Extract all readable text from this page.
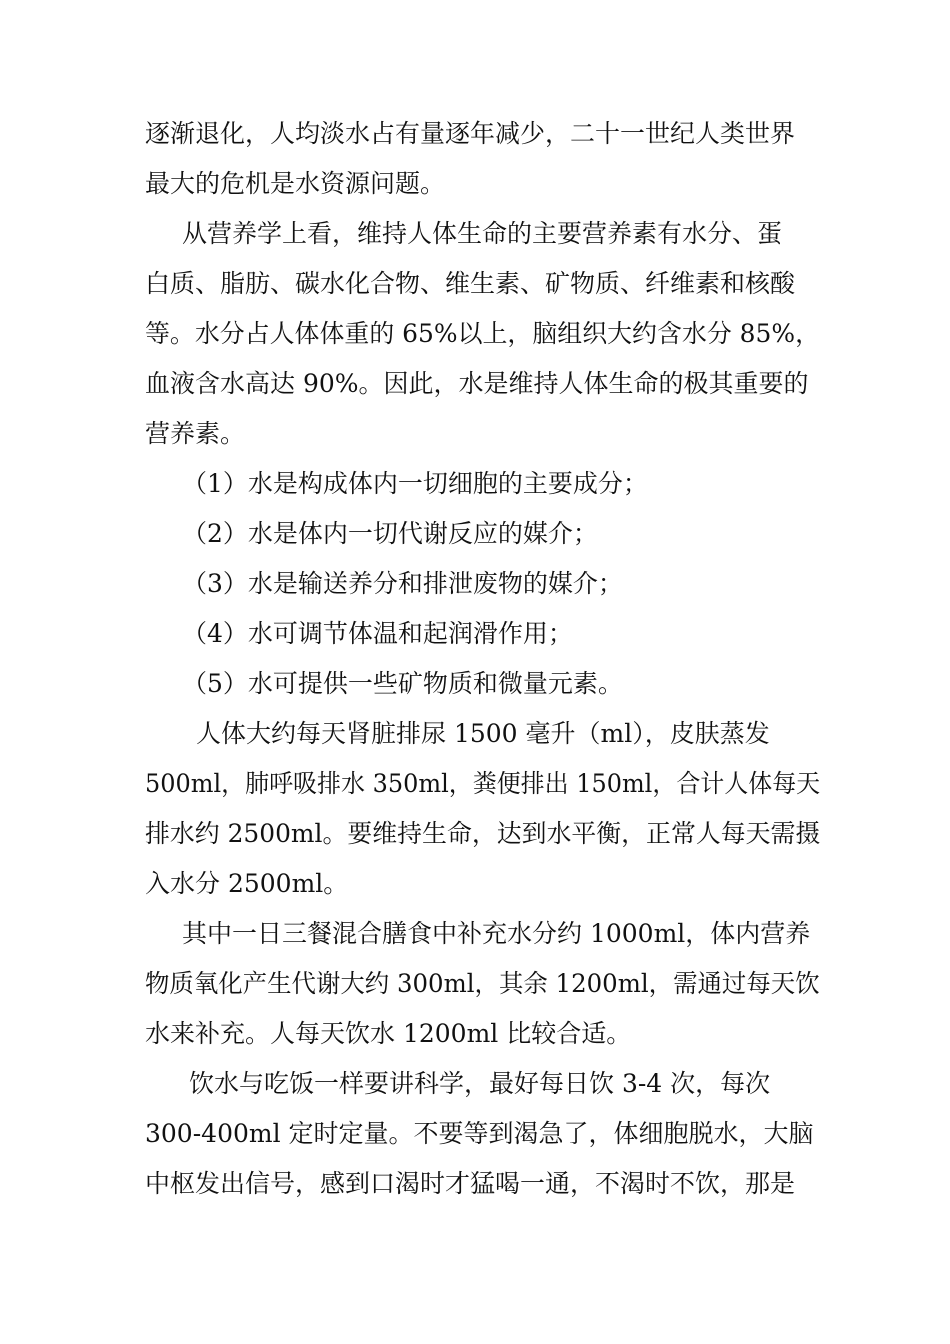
逐渐退化，人均淡水占有量逐年减少，二十一世纪人类世界
最大的危机是水资源问题。
从营养学上看，维持人体生命的主要营养素有水分、蛋
白质、脂肪、碳水化合物、维生素、矿物质、纤维素和核酸
等。水分占人体体重的 65%以上，脑组织大约含水分 85%，
血液含水高达 90%。因此，水是维持人体生命的极其重要的
营养素。
（1）水是构成体内一切细胞的主要成分；
（2）水是体内一切代谢反应的媒介；
（3）水是输送养分和排泄废物的媒介；
（4）水可调节体温和起润滑作用；
（5）水可提供一些矿物质和微量元素。
人体大约每天肾脏排尿 1500 毫升（ml），皮肤蒸发
500ml，肺呼吸排水 350ml，粪便排出 150ml，合计人体每天
排水约 2500ml。要维持生命，达到水平衡，正常人每天需摄
入水分 2500ml。
其中一日三餐混合膳食中补充水分约 1000ml，体内营养
物质氧化产生代谢大约 300ml，其余 1200ml，需通过每天饮
水来补充。人每天饮水 1200ml 比较合适。
饮水与吃饭一样要讲科学，最好每日饮 3-4 次，每次
300-400ml 定时定量。不要等到渴急了，体细胞脱水，大脑
中枢发出信号，感到口渴时才猛喝一通，不渴时不饮，那是
